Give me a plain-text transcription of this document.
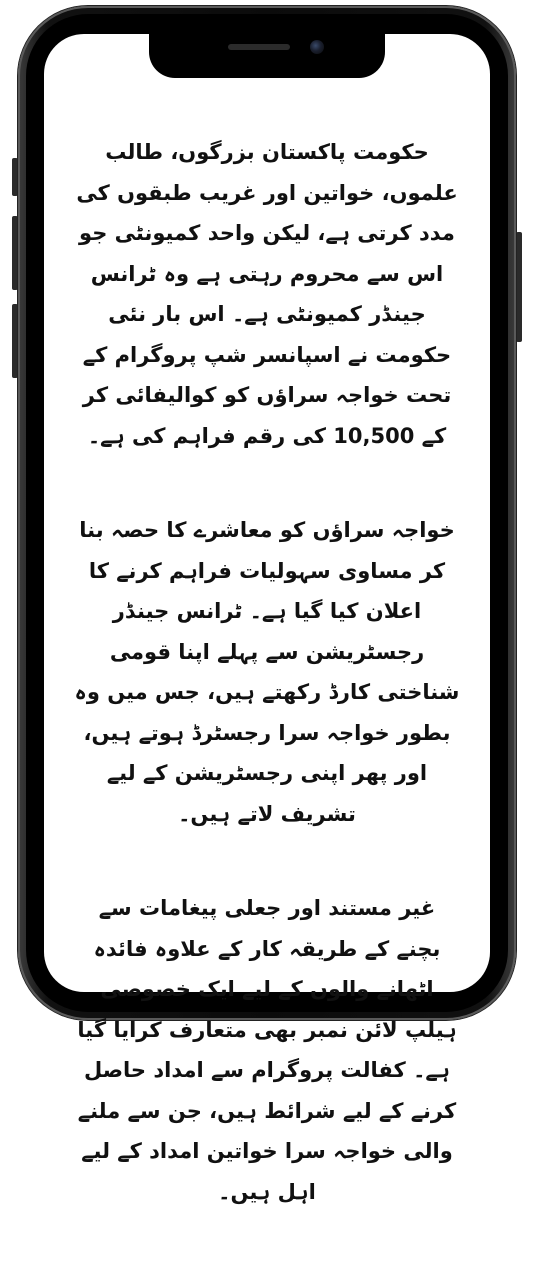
حکومت پاکستان بزرگوں، طالب علموں، خواتین اور غریب طبقوں کی مدد کرتی ہے، لیکن واحد کمیونٹی جو اس سے محروم رہتی ہے وہ ٹرانس جینڈر کمیونٹی ہے۔ اس بار نئی حکومت نے اسپانسر شپ پروگرام کے تحت خواجہ سراؤں کو کوالیفائی کر کے 10,500 کی رقم فراہم کی ہے۔

خواجہ سراؤں کو معاشرے کا حصہ بنا کر مساوی سہولیات فراہم کرنے کا اعلان کیا گیا ہے۔ ٹرانس جینڈر رجسٹریشن سے پہلے اپنا قومی شناختی کارڈ رکھتے ہیں، جس میں وہ بطور خواجہ سرا رجسٹرڈ ہوتے ہیں، اور پھر اپنی رجسٹریشن کے لیے تشریف لاتے ہیں۔

غیر مستند اور جعلی پیغامات سے بچنے کے طریقہ کار کے علاوہ فائدہ اٹھانے والوں کے لیے ایک خصوصی ہیلپ لائن نمبر بھی متعارف کرایا گیا ہے۔ کفالت پروگرام سے امداد حاصل کرنے کے لیے شرائط ہیں، جن سے ملنے والی خواجہ سرا خواتین امداد کے لیے اہل ہیں۔
